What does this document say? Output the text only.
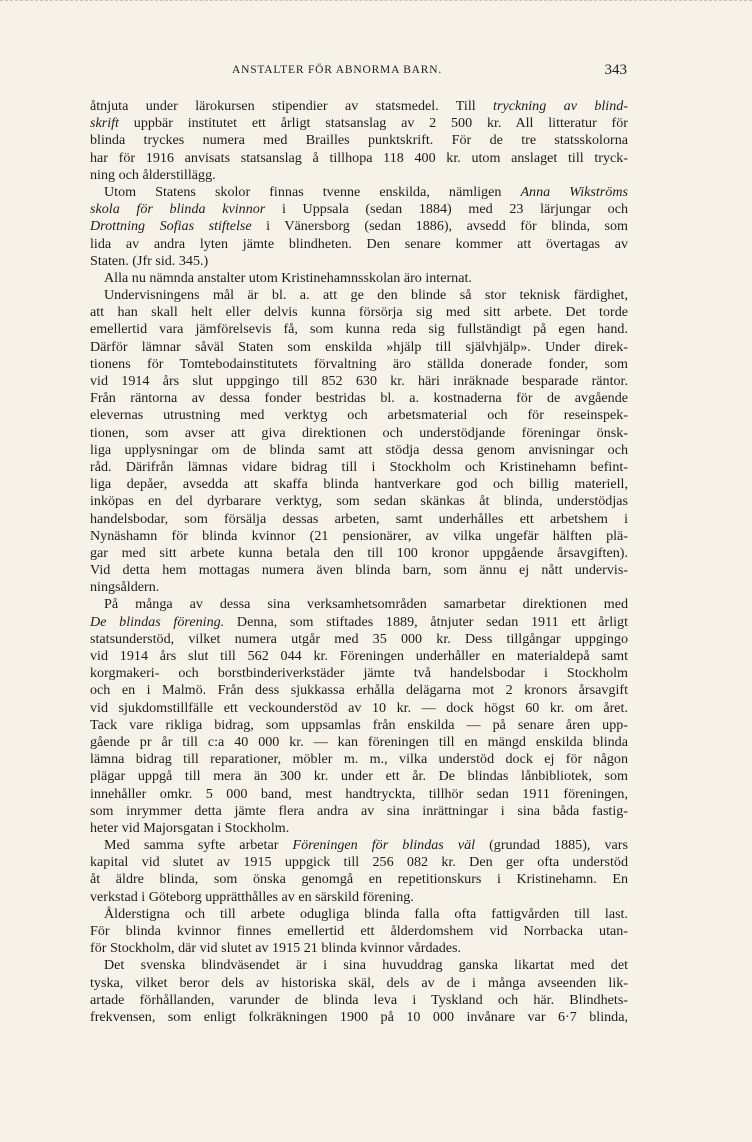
ANSTALTER FÖR ABNORMA BARN.	343
åtnjuta under lärokursen stipendier av statsmedel. Till tryckning av blind-
skrift uppbär institutet ett årligt statsanslag av 2 500 kr. All litteratur för
blinda tryckes numera med Brailles punktskrift. För de tre statsskolorna
har för 1916 anvisats statsanslag å tillhopa 118 400 kr. utom anslaget till tryck-
ning och ålderstillägg.
Utom Statens skolor finnas tvenne enskilda, nämligen Anna Wikströms
skola för blinda kvinnor i Uppsala (sedan 1884) med 23 lärjungar och
Drottning Sofias stiftelse i Vänersborg (sedan 1886), avsedd för blinda, som
lida av andra lyten jämte blindheten. Den senare kommer att övertagas av
Staten. (Jfr sid. 345.)
Alla nu nämnda anstalter utom Kristinehamnsskolan äro internat.
Undervisningens mål är bl. a. att ge den blinde så stor teknisk färdighet,
att han skall helt eller delvis kunna försörja sig med sitt arbete. Det torde
emellertid vara jämförelsevis få, som kunna reda sig fullständigt på egen hand.
Därför lämnar såväl Staten som enskilda »hjälp till självhjälp». Under direk-
tionens för Tomtebodainstitutets förvaltning äro ställda donerade fonder, som
vid 1914 års slut uppgingo till 852 630 kr. häri inräknade besparade räntor.
Från räntorna av dessa fonder bestridas bl. a. kostnaderna för de avgående
elevernas utrustning med verktyg och arbetsmaterial och för reseinspek-
tionen, som avser att giva direktionen och understödjande föreningar önsk-
liga upplysningar om de blinda samt att stödja dessa genom anvisningar och
råd. Därifrån lämnas vidare bidrag till i Stockholm och Kristinehamn befint-
liga depåer, avsedda att skaffa blinda hantverkare god och billig materiell,
inköpas en del dyrbarare verktyg, som sedan skänkas åt blinda, understödjas
handelsbodar, som försälja dessas arbeten, samt underhålles ett arbetshem i
Nynäshamn för blinda kvinnor (21 pensionärer, av vilka ungefär hälften plä-
gar med sitt arbete kunna betala den till 100 kronor uppgående årsavgiften).
Vid detta hem mottagas numera även blinda barn, som ännu ej nått undervis-
ningsåldern.
På många av dessa sina verksamhetsområden samarbetar direktionen med
De blindas förening. Denna, som stiftades 1889, åtnjuter sedan 1911 ett årligt
statsunderstöd, vilket numera utgår med 35 000 kr. Dess tillgångar uppgingo
vid 1914 års slut till 562 044 kr. Föreningen underhåller en materialdepå samt
korgmakeri- och borstbinderiverkstäder jämte två handelsbodar i Stockholm
och en i Malmö. Från dess sjukkassa erhålla delägarna mot 2 kronors årsavgift
vid sjukdomstillfälle ett veckounderstöd av 10 kr. — dock högst 60 kr. om året.
Tack vare rikliga bidrag, som uppsamlas från enskilda — på senare åren upp-
gående pr år till c:a 40 000 kr. — kan föreningen till en mängd enskilda blinda
lämna bidrag till reparationer, möbler m. m., vilka understöd dock ej för någon
plägar uppgå till mera än 300 kr. under ett år. De blindas lånbibliotek, som
innehåller omkr. 5 000 band, mest handtryckta, tillhör sedan 1911 föreningen,
som inrymmer detta jämte flera andra av sina inrättningar i sina båda fastig-
heter vid Majorsgatan i Stockholm.
Med samma syfte arbetar Föreningen för blindas väl (grundad 1885), vars
kapital vid slutet av 1915 uppgick till 256 082 kr. Den ger ofta understöd
åt äldre blinda, som önska genomgå en repetitionskurs i Kristinehamn. En
verkstad i Göteborg upprätthålles av en särskild förening.
Ålderstigna och till arbete odugliga blinda falla ofta fattigvården till last.
För blinda kvinnor finnes emellertid ett ålderdomshem vid Norrbacka utan-
för Stockholm, där vid slutet av 1915 21 blinda kvinnor vårdades.
Det svenska blindväsendet är i sina huvuddrag ganska likartat med det
tyska, vilket beror dels av historiska skäl, dels av de i många avseenden lik-
artade förhållanden, varunder de blinda leva i Tyskland och här. Blindhets-
frekvensen, som enligt folkräkningen 1900 på 10 000 invånare var 6·7 blinda,
